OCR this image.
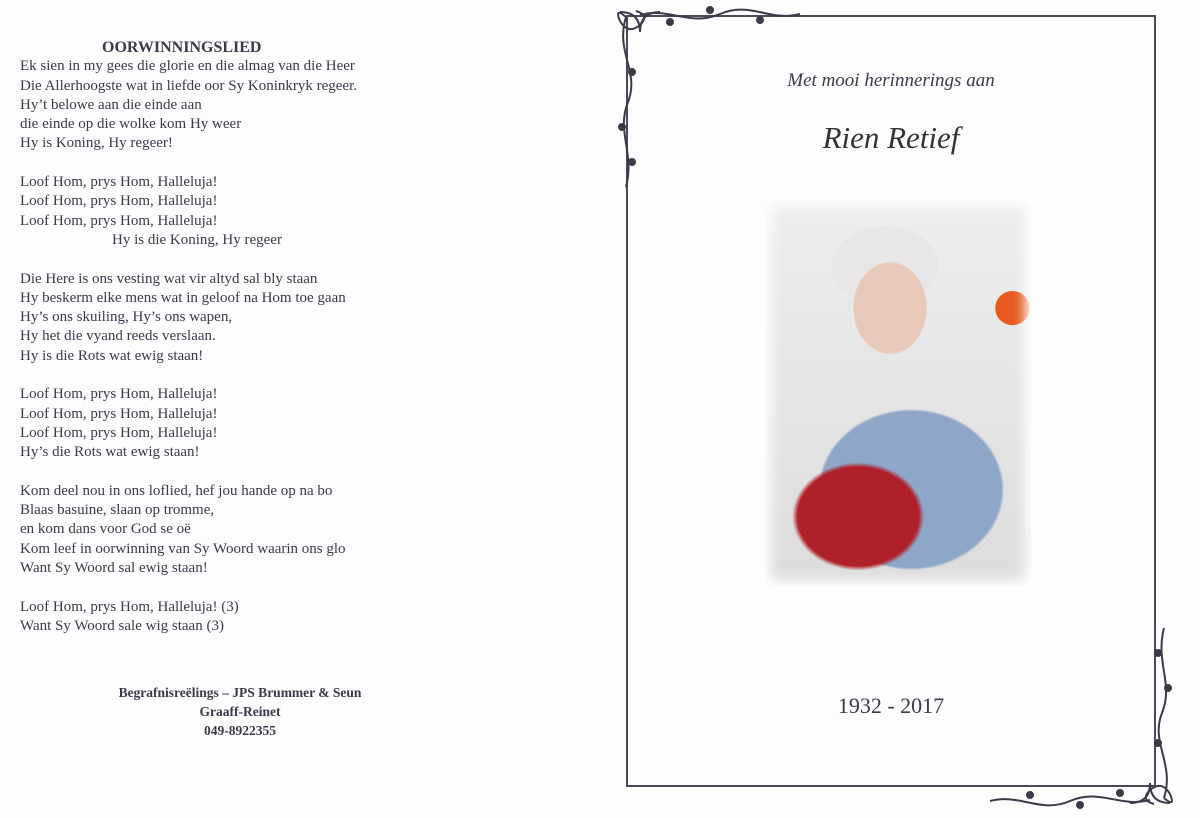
OORWINNINGSLIED
Ek sien in my gees die glorie en die almag van die Heer
Die Allerhoogste wat in liefde oor Sy Koninkryk regeer.
Hy’t belowe aan die einde aan
die einde op die wolke kom Hy weer
Hy is Koning, Hy regeer!
Loof Hom, prys Hom, Halleluja!
Loof Hom, prys Hom, Halleluja!
Loof Hom, prys Hom, Halleluja!
Hy is die Koning, Hy regeer
Die Here is ons vesting wat vir altyd sal bly staan
Hy beskerm elke mens wat in geloof na Hom toe gaan
Hy’s ons skuiling, Hy’s ons wapen,
Hy het die vyand reeds verslaan.
Hy is die Rots wat ewig staan!
Loof Hom, prys Hom, Halleluja!
Loof Hom, prys Hom, Halleluja!
Loof Hom, prys Hom, Halleluja!
Hy’s die Rots wat ewig staan!
Kom deel nou in ons loflied, hef jou hande op na bo
Blaas basuine, slaan op tromme,
en kom dans voor God se oë
Kom leef in oorwinning van Sy Woord waarin ons glo
Want Sy Woord sal ewig staan!
Loof Hom, prys Hom, Halleluja! (3)
Want Sy Woord sale wig staan (3)
Begrafnisreëlings – JPS Brummer & Seun
Graaff-Reinet
049-8922355
Met mooi herinnerings aan
Rien Retief
1932 - 2017
